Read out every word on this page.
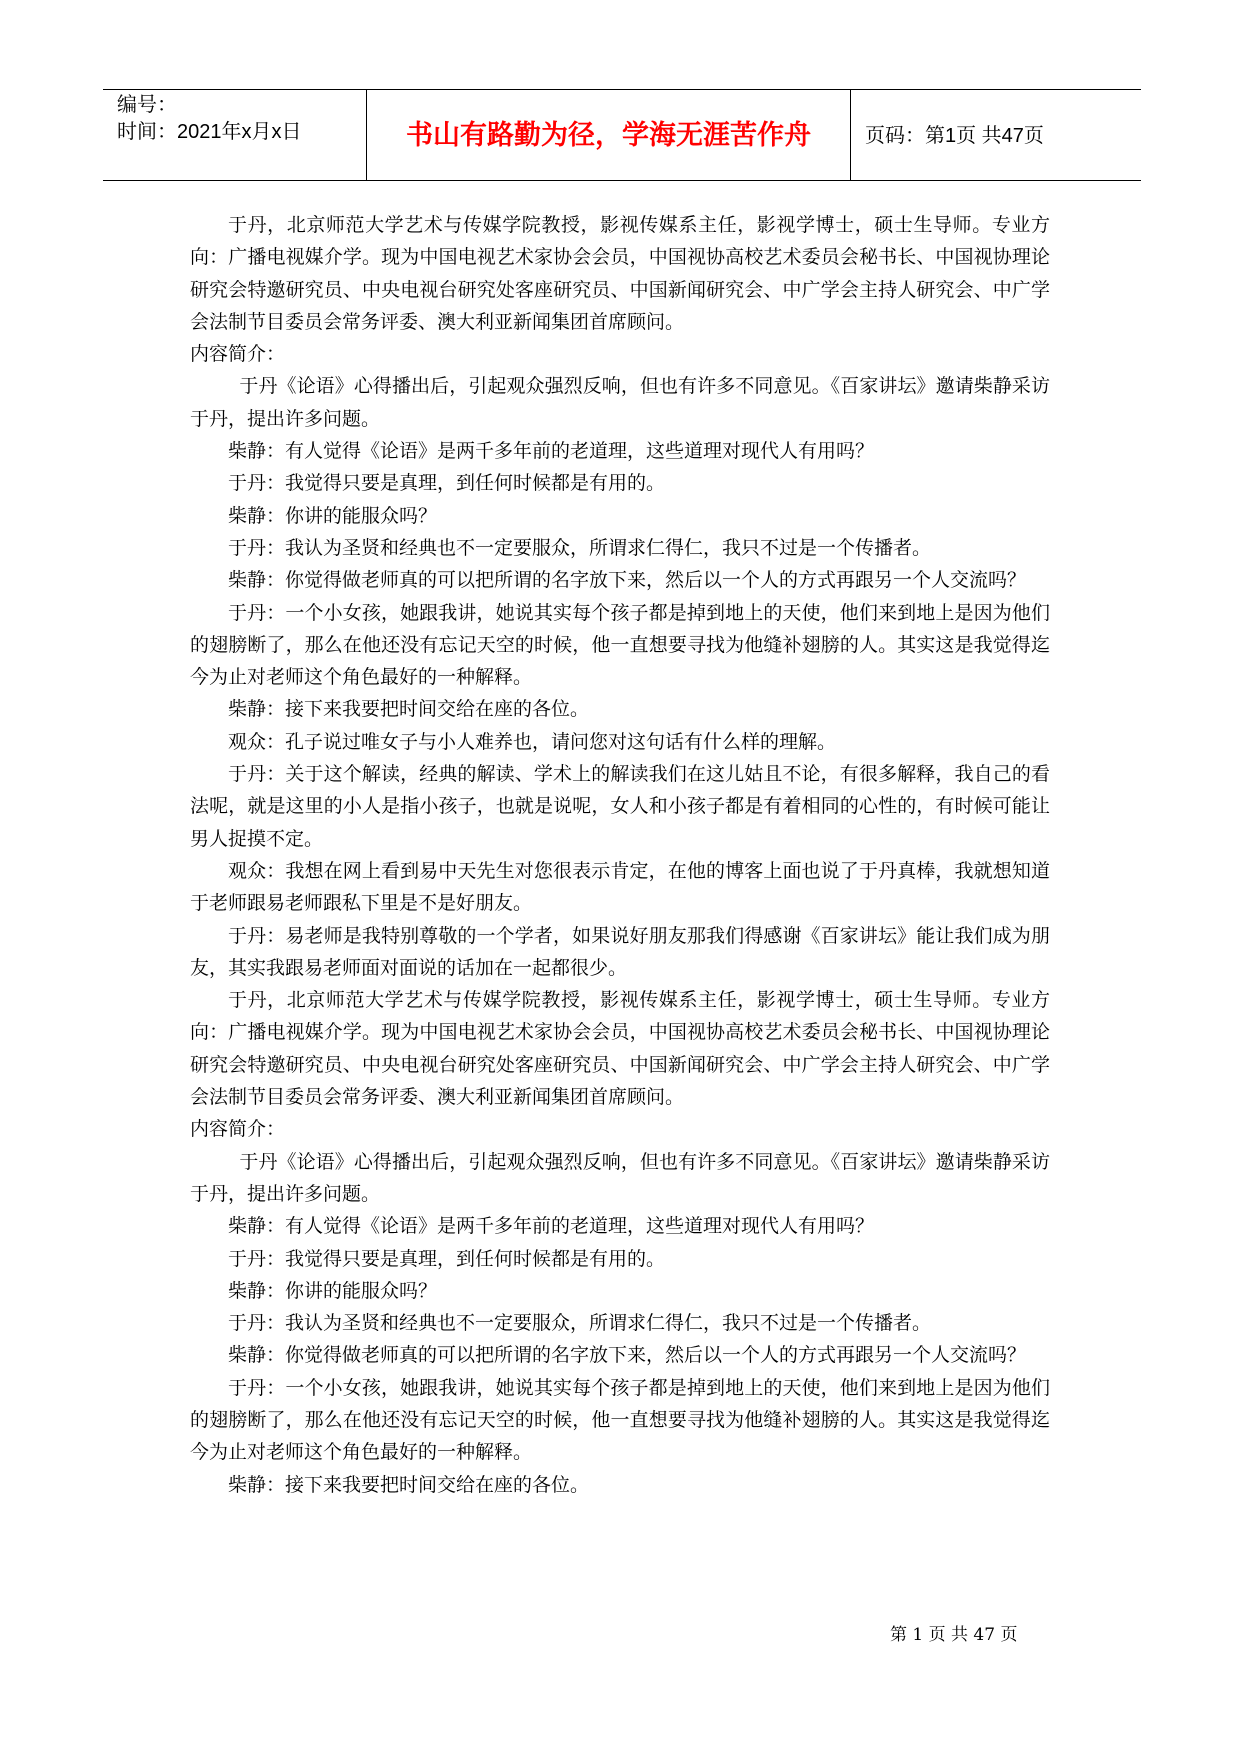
编号：
时间：2021年x月x日	书山有路勤为径，学海无涯苦作舟	页码：第1页 共47页

于丹，北京师范大学艺术与传媒学院教授，影视传媒系主任，影视学博士，硕士生导师。专业方向：广播电视媒介学。现为中国电视艺术家协会会员，中国视协高校艺术委员会秘书长、中国视协理论研究会特邀研究员、中央电视台研究处客座研究员、中国新闻研究会、中广学会主持人研究会、中广学会法制节目委员会常务评委、澳大利亚新闻集团首席顾问。

内容简介：

于丹《论语》心得播出后，引起观众强烈反响，但也有许多不同意见。《百家讲坛》邀请柴静采访于丹，提出许多问题。

柴静：有人觉得《论语》是两千多年前的老道理，这些道理对现代人有用吗？

于丹：我觉得只要是真理，到任何时候都是有用的。

柴静：你讲的能服众吗？

于丹：我认为圣贤和经典也不一定要服众，所谓求仁得仁，我只不过是一个传播者。

柴静：你觉得做老师真的可以把所谓的名字放下来，然后以一个人的方式再跟另一个人交流吗？

于丹：一个小女孩，她跟我讲，她说其实每个孩子都是掉到地上的天使，他们来到地上是因为他们的翅膀断了，那么在他还没有忘记天空的时候，他一直想要寻找为他缝补翅膀的人。其实这是我觉得迄今为止对老师这个角色最好的一种解释。

柴静：接下来我要把时间交给在座的各位。

观众：孔子说过唯女子与小人难养也，请问您对这句话有什么样的理解。

于丹：关于这个解读，经典的解读、学术上的解读我们在这儿姑且不论，有很多解释，我自己的看法呢，就是这里的小人是指小孩子，也就是说呢，女人和小孩子都是有着相同的心性的，有时候可能让男人捉摸不定。

观众：我想在网上看到易中天先生对您很表示肯定，在他的博客上面也说了于丹真棒，我就想知道于老师跟易老师跟私下里是不是好朋友。

于丹：易老师是我特别尊敬的一个学者，如果说好朋友那我们得感谢《百家讲坛》能让我们成为朋友，其实我跟易老师面对面说的话加在一起都很少。

于丹，北京师范大学艺术与传媒学院教授，影视传媒系主任，影视学博士，硕士生导师。专业方向：广播电视媒介学。现为中国电视艺术家协会会员，中国视协高校艺术委员会秘书长、中国视协理论研究会特邀研究员、中央电视台研究处客座研究员、中国新闻研究会、中广学会主持人研究会、中广学会法制节目委员会常务评委、澳大利亚新闻集团首席顾问。

内容简介：

于丹《论语》心得播出后，引起观众强烈反响，但也有许多不同意见。《百家讲坛》邀请柴静采访于丹，提出许多问题。

柴静：有人觉得《论语》是两千多年前的老道理，这些道理对现代人有用吗？

于丹：我觉得只要是真理，到任何时候都是有用的。

柴静：你讲的能服众吗？

于丹：我认为圣贤和经典也不一定要服众，所谓求仁得仁，我只不过是一个传播者。

柴静：你觉得做老师真的可以把所谓的名字放下来，然后以一个人的方式再跟另一个人交流吗？

于丹：一个小女孩，她跟我讲，她说其实每个孩子都是掉到地上的天使，他们来到地上是因为他们的翅膀断了，那么在他还没有忘记天空的时候，他一直想要寻找为他缝补翅膀的人。其实这是我觉得迄今为止对老师这个角色最好的一种解释。

柴静：接下来我要把时间交给在座的各位。

第 1 页 共 47 页
